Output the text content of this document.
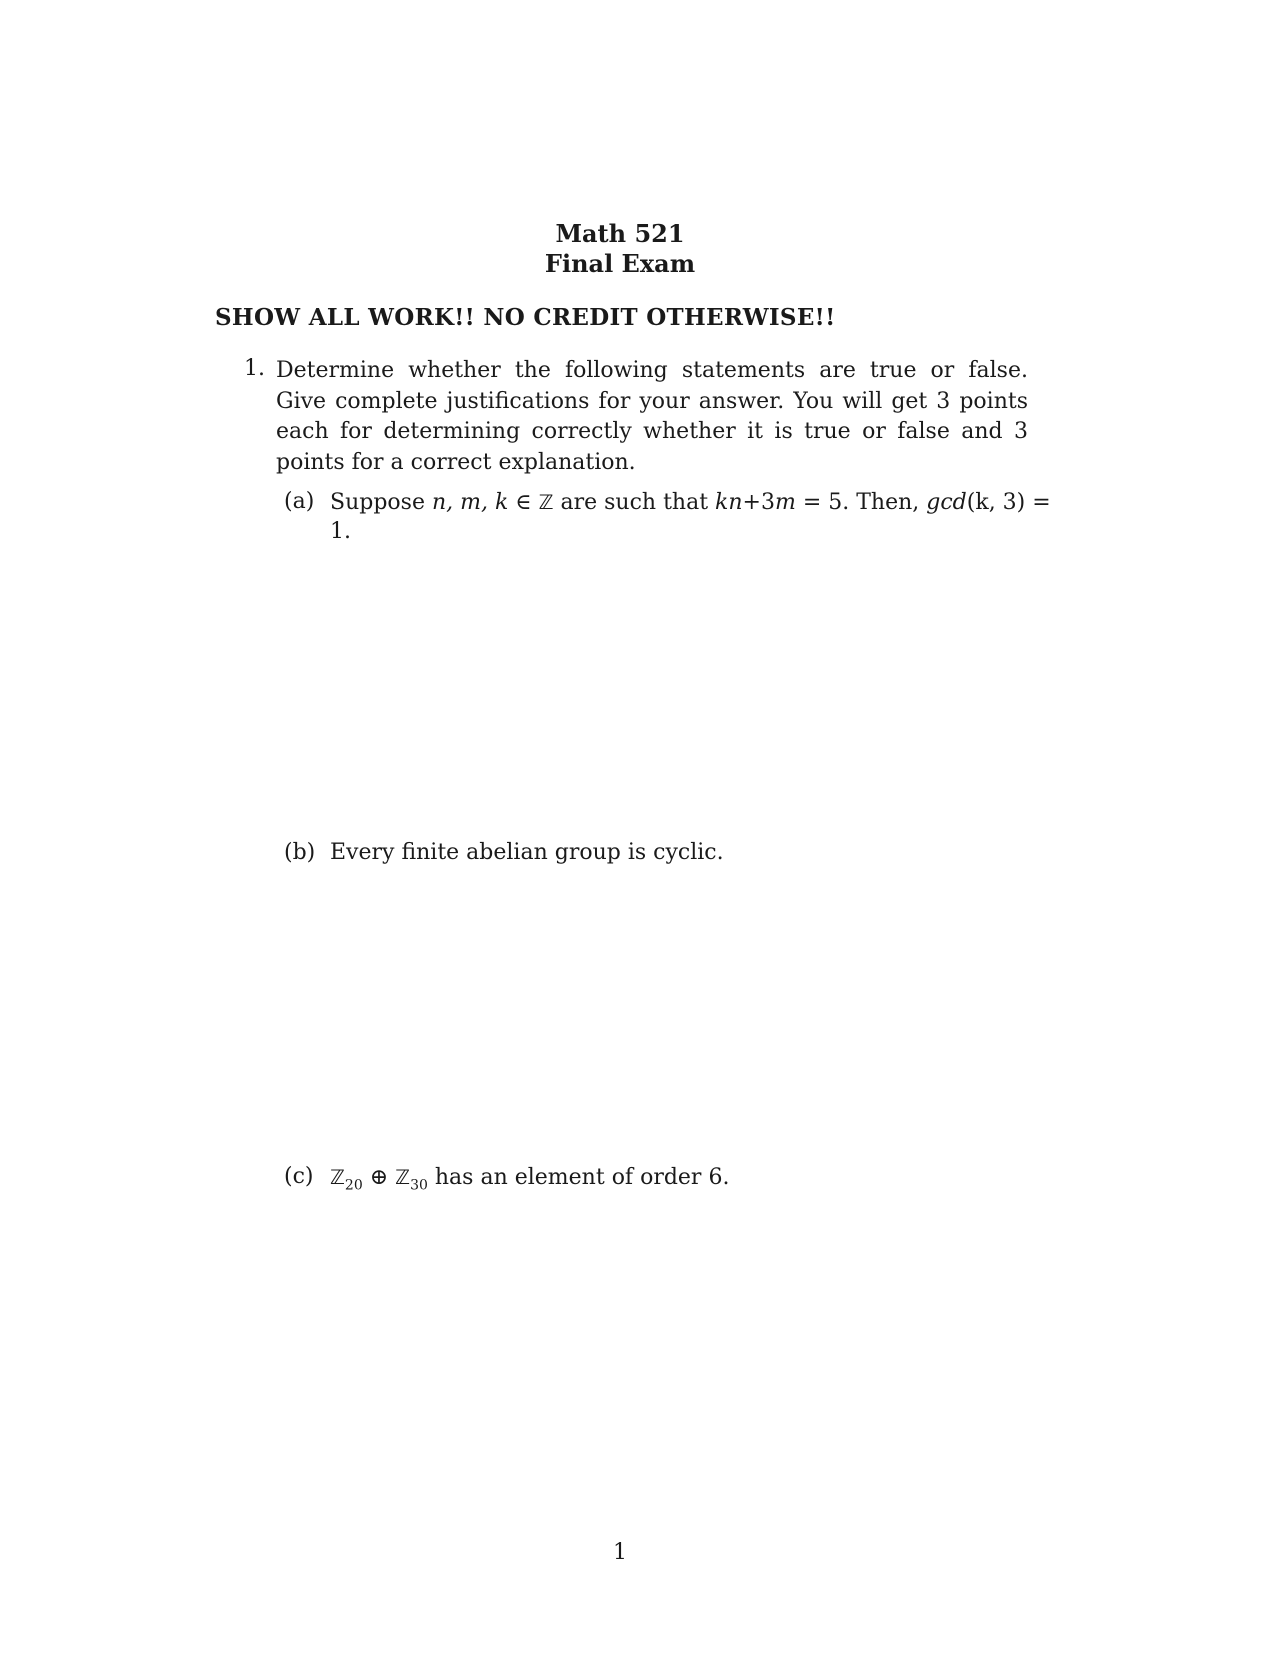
Math 521
Final Exam
SHOW ALL WORK!! NO CREDIT OTHERWISE!!
1. Determine whether the following statements are true or false. Give complete justifications for your answer. You will get 3 points each for determining correctly whether it is true or false and 3 points for a correct explanation.
(a) Suppose n, m, k ∈ ℤ are such that kn+3m = 5. Then, gcd(k, 3) =
1.
(b) Every finite abelian group is cyclic.
(c) ℤ$_{20}$ ⊕ ℤ$_{30}$ has an element of order 6.
1
